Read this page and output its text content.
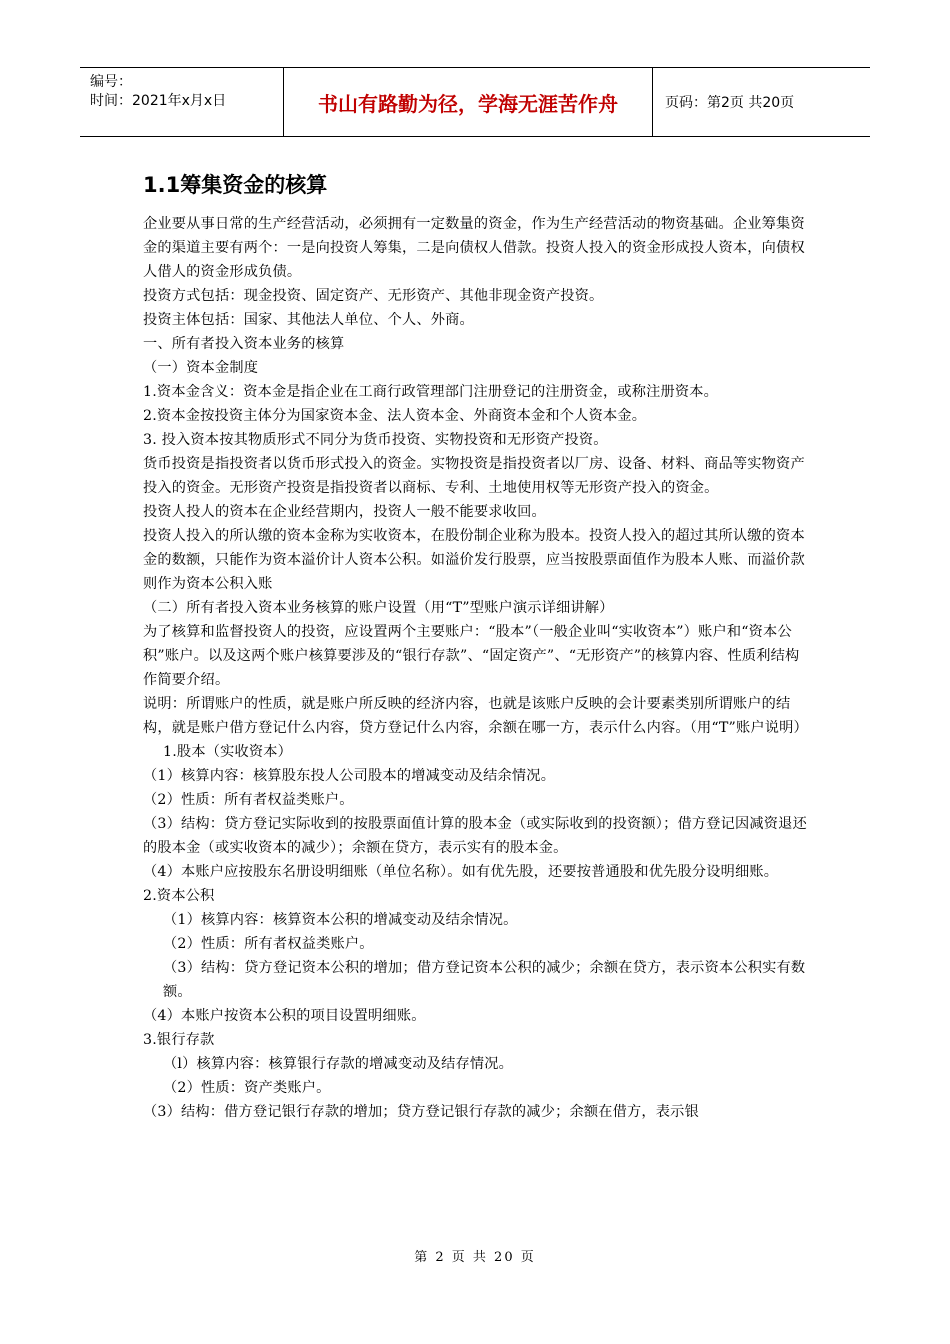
编号：
时间：2021年x月x日	书山有路勤为径，学海无涯苦作舟	页码：第2页 共20页
1.1筹集资金的核算

企业要从事日常的生产经营活动，必须拥有一定数量的资金，作为生产经营活动的物资基础。企业筹集资金的渠道主要有两个：一是向投资人筹集，二是向债权人借款。投资人投入的资金形成投人资本，向债权人借人的资金形成负债。

投资方式包括：现金投资、固定资产、无形资产、其他非现金资产投资。

投资主体包括：国家、其他法人单位、个人、外商。

一、所有者投入资本业务的核算

（一）资本金制度

1.资本金含义：资本金是指企业在工商行政管理部门注册登记的注册资金，或称注册资本。

2.资本金按投资主体分为国家资本金、法人资本金、外商资本金和个人资本金。

3. 投入资本按其物质形式不同分为货币投资、实物投资和无形资产投资。

货币投资是指投资者以货币形式投入的资金。实物投资是指投资者以厂房、设备、材料、商品等实物资产投入的资金。无形资产投资是指投资者以商标、专利、土地使用权等无形资产投入的资金。

投资人投人的资本在企业经营期内，投资人一般不能要求收回。

投资人投入的所认缴的资本金称为实收资本，在股份制企业称为股本。投资人投入的超过其所认缴的资本金的数额，只能作为资本溢价计人资本公积。如溢价发行股票，应当按股票面值作为股本人账、而溢价款则作为资本公积入账

（二）所有者投入资本业务核算的账户设置（用“T”型账户演示详细讲解）

为了核算和监督投资人的投资，应设置两个主要账户：“股本”（一般企业叫“实收资本”）账户和“资本公积”账户。以及这两个账户核算要涉及的“银行存款”、“固定资产”、“无形资产”的核算内容、性质利结构作简要介绍。

说明：所谓账户的性质，就是账户所反映的经济内容，也就是该账户反映的会计要素类别所谓账户的结构，就是账户借方登记什么内容，贷方登记什么内容，余额在哪一方，表示什么内容。（用“T”账户说明）

1.股本（实收资本）

（1）核算内容：核算股东投人公司股本的增减变动及结余情况。

（2）性质：所有者权益类账户。

（3）结构：贷方登记实际收到的按股票面值计算的股本金（或实际收到的投资额）；借方登记因减资退还的股本金（或实收资本的减少）；余额在贷方，表示实有的股本金。

（4）本账户应按股东名册设明细账（单位名称）。如有优先股，还要按普通股和优先股分设明细账。

2.资本公积

（1）核算内容：核算资本公积的增减变动及结余情况。

（2）性质：所有者权益类账户。

（3）结构：贷方登记资本公积的增加；借方登记资本公积的减少；余额在贷方，表示资本公积实有数额。

（4）本账户按资本公积的项目设置明细账。

3.银行存款

（l）核算内容：核算银行存款的增减变动及结存情况。

（2）性质：资产类账户。

（3）结构：借方登记银行存款的增加；贷方登记银行存款的减少；余额在借方，表示银

第 2 页 共 20 页
